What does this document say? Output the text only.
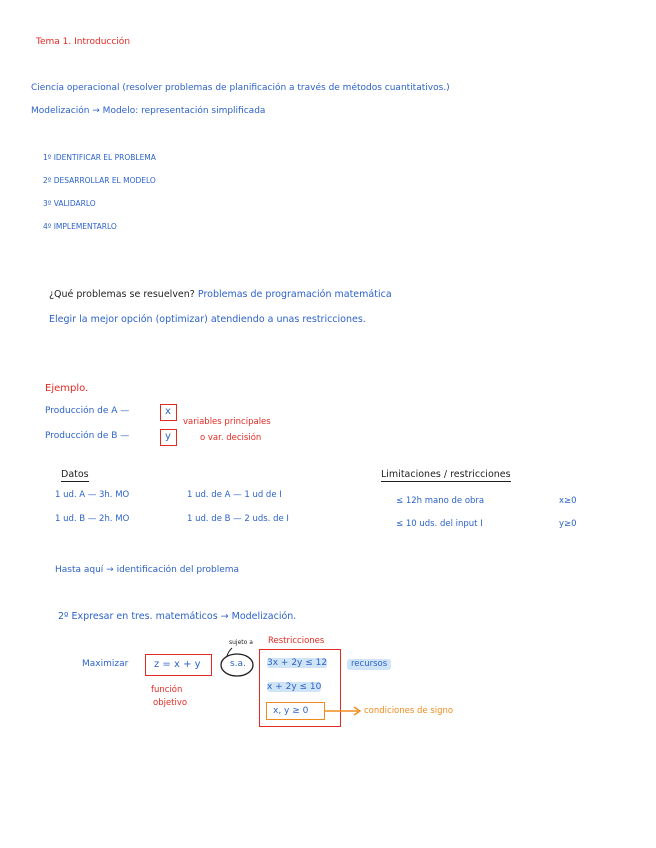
Tema 1. Introducción
Ciencia operacional (resolver problemas de planificación a través de métodos cuantitativos.)
Modelización → Modelo: representación simplificada
1º IDENTIFICAR EL PROBLEMA
2º DESARROLLAR EL MODELO
3º VALIDARLO
4º IMPLEMENTARLO
¿Qué problemas se resuelven? Problemas de programación matemática
Elegir la mejor opción (optimizar) atendiendo a unas restricciones.
Ejemplo.
Producción de A —	x
Producción de B —	y
variables principales
o var. decisión
Datos
1 ud. A — 3h. MO	1 ud. de A — 1 ud de I
1 ud. B — 2h. MO	1 ud. de B — 2 uds. de I
Limitaciones / restricciones
≤ 12h mano de obra	x≥0
≤ 10 uds. del input I	y≥0
Hasta aquí → identificación del problema
2º Expresar en tres. matemáticos → Modelización.
Maximizar	z = x + y
función
objetivo
sujeto a
s.a.
Restricciones
3x + 2y ≤ 12	recursos
x + 2y ≤ 10
x, y ≥ 0	condiciones de signo
